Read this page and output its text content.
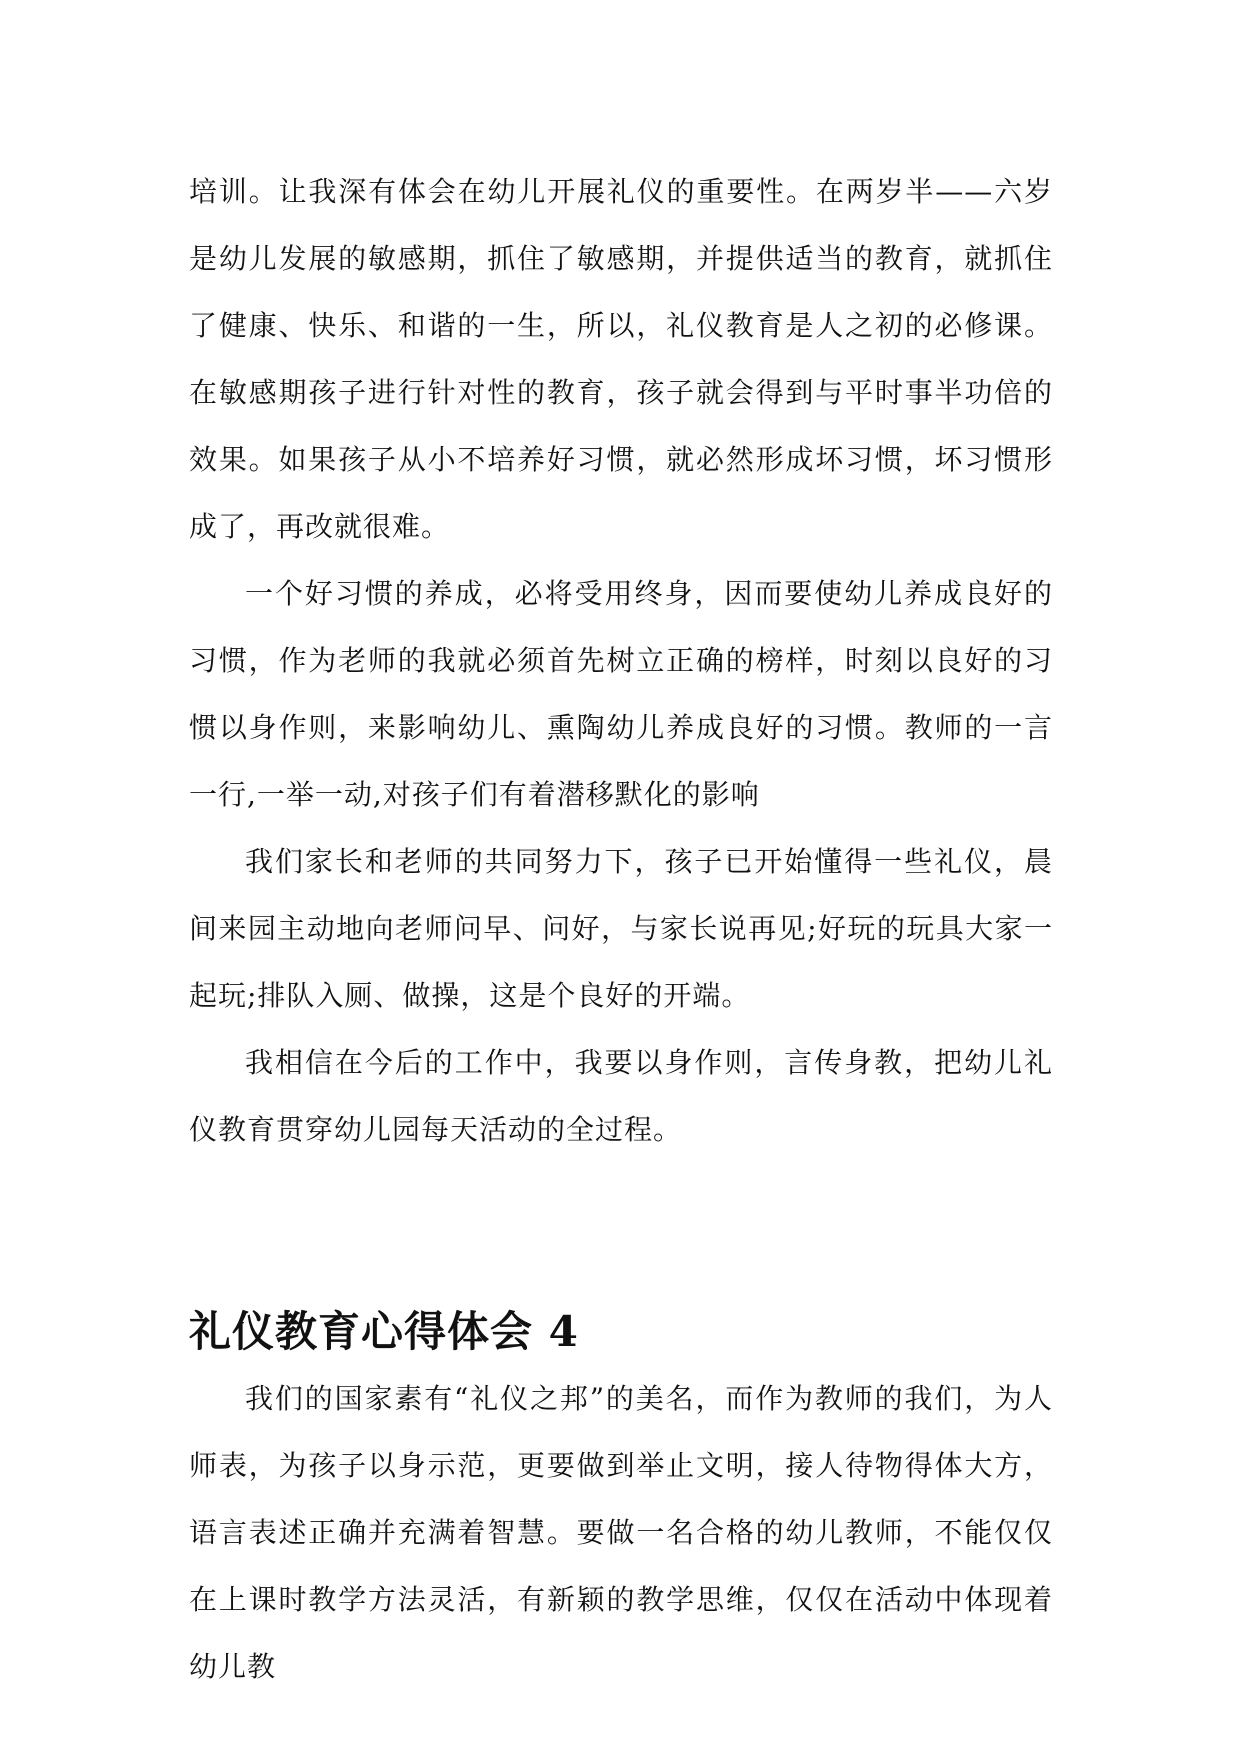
培训。让我深有体会在幼儿开展礼仪的重要性。在两岁半——六岁是幼儿发展的敏感期，抓住了敏感期，并提供适当的教育，就抓住了健康、快乐、和谐的一生，所以，礼仪教育是人之初的必修课。在敏感期孩子进行针对性的教育，孩子就会得到与平时事半功倍的效果。如果孩子从小不培养好习惯，就必然形成坏习惯，坏习惯形成了，再改就很难。

一个好习惯的养成，必将受用终身，因而要使幼儿养成良好的习惯，作为老师的我就必须首先树立正确的榜样，时刻以良好的习惯以身作则，来影响幼儿、熏陶幼儿养成良好的习惯。教师的一言一行,一举一动,对孩子们有着潜移默化的影响

我们家长和老师的共同努力下，孩子已开始懂得一些礼仪，晨间来园主动地向老师问早、问好，与家长说再见;好玩的玩具大家一起玩;排队入厕、做操，这是个良好的开端。

我相信在今后的工作中，我要以身作则，言传身教，把幼儿礼仪教育贯穿幼儿园每天活动的全过程。

礼仪教育心得体会 4

我们的国家素有“礼仪之邦”的美名，而作为教师的我们，为人师表，为孩子以身示范，更要做到举止文明，接人待物得体大方，语言表述正确并充满着智慧。要做一名合格的幼儿教师，不能仅仅在上课时教学方法灵活，有新颖的教学思维，仅仅在活动中体现着幼儿教
